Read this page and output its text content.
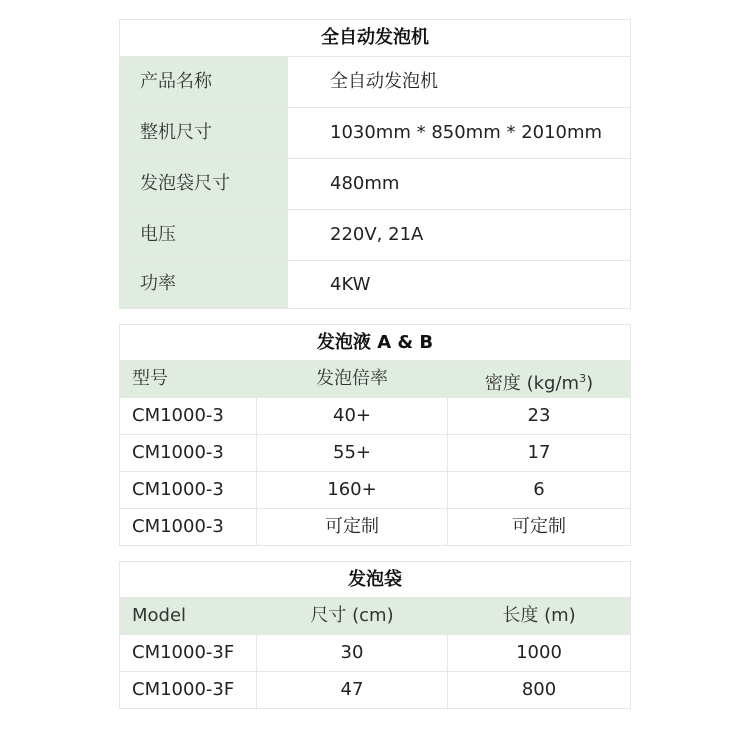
全自动发泡机
产品名称	全自动发泡机
整机尺寸	1030mm * 850mm * 2010mm
发泡袋尺寸	480mm
电压	220V, 21A
功率	4KW
发泡液 A & B
型号	发泡倍率	密度 $(kg/m^3)$
CM1000-3	40+	23
CM1000-3	55+	17
CM1000-3	160+	6
CM1000-3	可定制	可定制
发泡袋
Model	尺寸 (cm)	长度 (m)
CM1000-3F	30	1000
CM1000-3F	47	800
